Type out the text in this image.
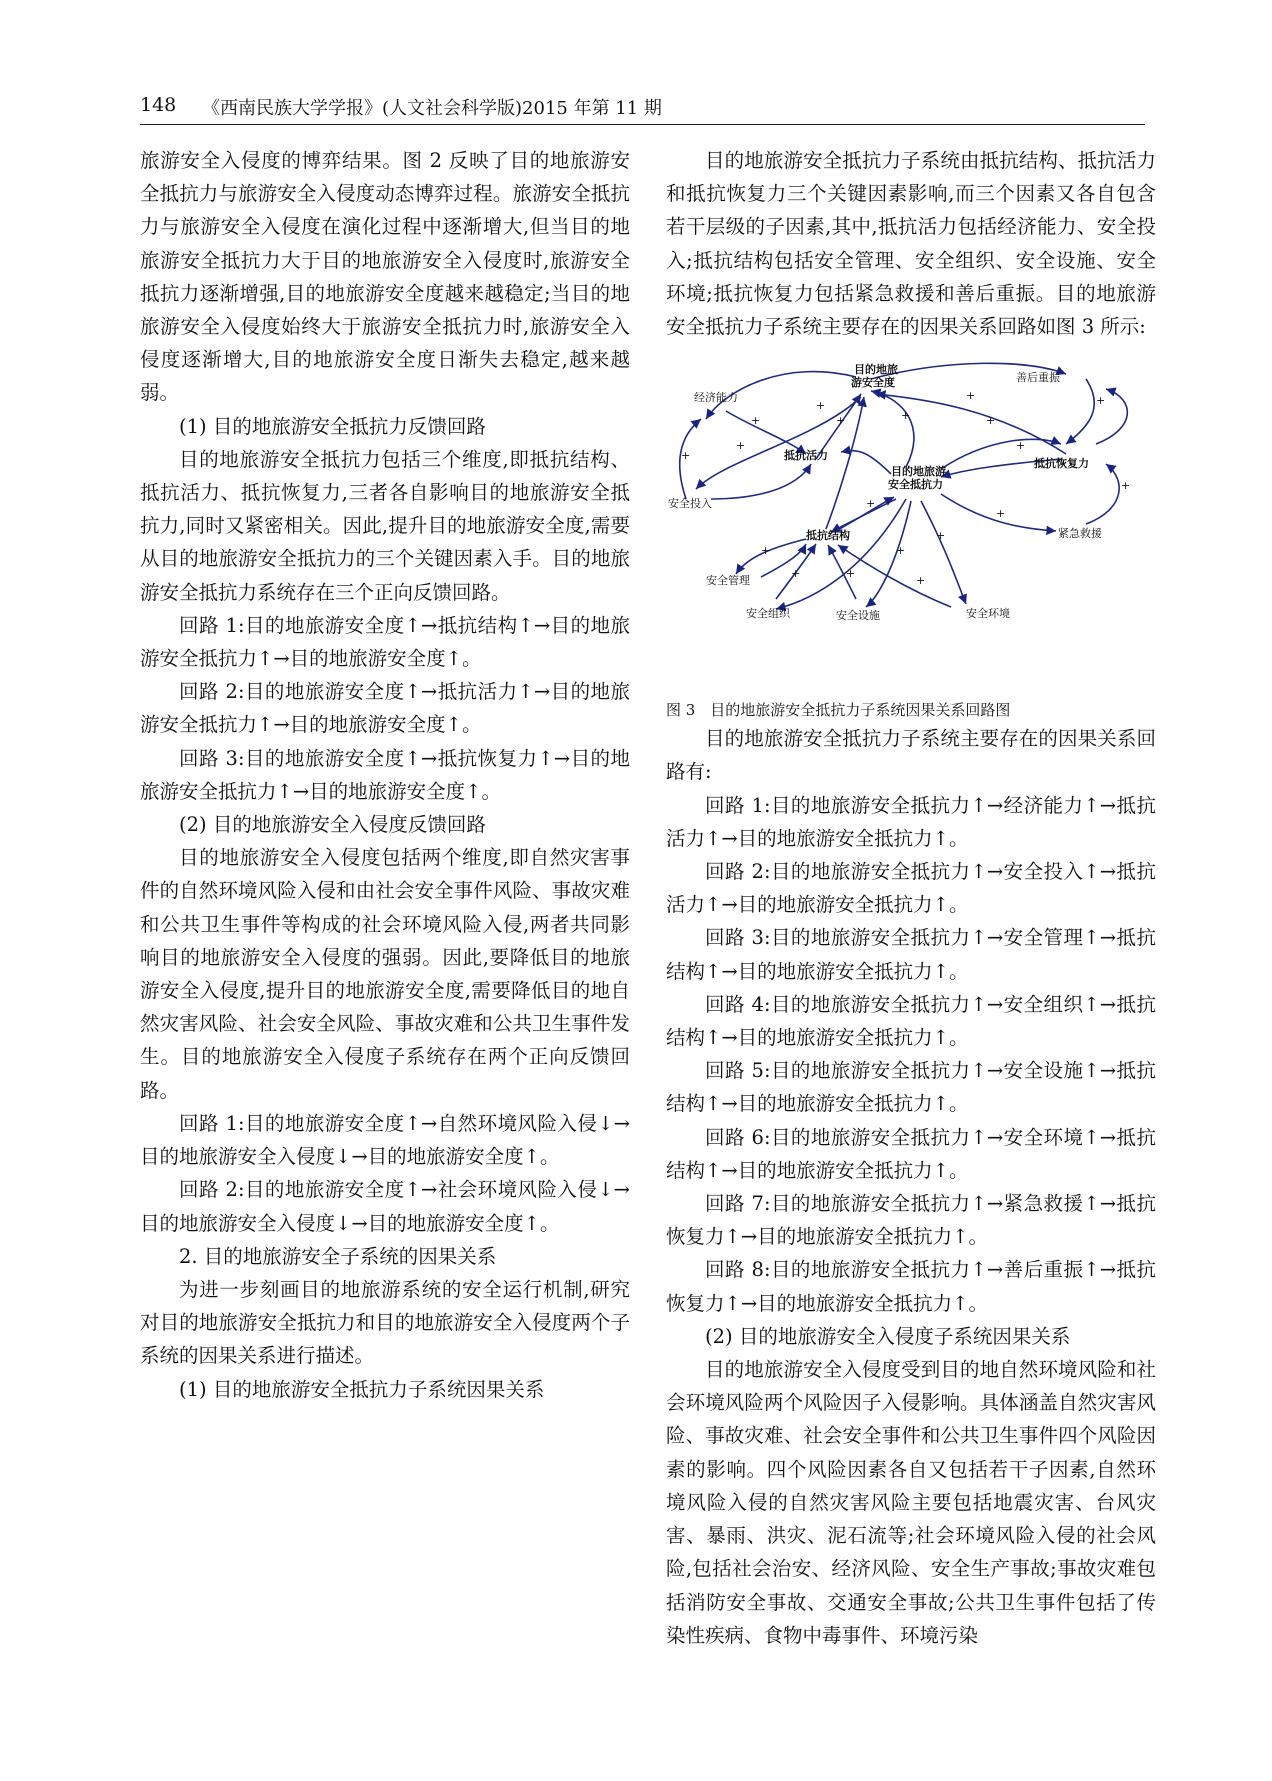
148 《西南民族大学学报》(人文社会科学版)2015 年第 11 期

旅游安全入侵度的博弈结果。图 2 反映了目的地旅游安全抵抗力与旅游安全入侵度动态博弈过程。旅游安全抵抗力与旅游安全入侵度在演化过程中逐渐增大,但当目的地旅游安全抵抗力大于目的地旅游安全入侵度时,旅游安全抵抗力逐渐增强,目的地旅游安全度越来越稳定;当目的地旅游安全入侵度始终大于旅游安全抵抗力时,旅游安全入侵度逐渐增大,目的地旅游安全度日渐失去稳定,越来越弱。

(1) 目的地旅游安全抵抗力反馈回路

目的地旅游安全抵抗力包括三个维度,即抵抗结构、抵抗活力、抵抗恢复力,三者各自影响目的地旅游安全抵抗力,同时又紧密相关。因此,提升目的地旅游安全度,需要从目的地旅游安全抵抗力的三个关键因素入手。目的地旅游安全抵抗力系统存在三个正向反馈回路。

回路 1:目的地旅游安全度↑→抵抗结构↑→目的地旅游安全抵抗力↑→目的地旅游安全度↑。

回路 2:目的地旅游安全度↑→抵抗活力↑→目的地旅游安全抵抗力↑→目的地旅游安全度↑。

回路 3:目的地旅游安全度↑→抵抗恢复力↑→目的地旅游安全抵抗力↑→目的地旅游安全度↑。

(2) 目的地旅游安全入侵度反馈回路

目的地旅游安全入侵度包括两个维度,即自然灾害事件的自然环境风险入侵和由社会安全事件风险、事故灾难和公共卫生事件等构成的社会环境风险入侵,两者共同影响目的地旅游安全入侵度的强弱。因此,要降低目的地旅游安全入侵度,提升目的地旅游安全度,需要降低目的地自然灾害风险、社会安全风险、事故灾难和公共卫生事件发生。目的地旅游安全入侵度子系统存在两个正向反馈回路。

回路 1:目的地旅游安全度↑→自然环境风险入侵↓→目的地旅游安全入侵度↓→目的地旅游安全度↑。

回路 2:目的地旅游安全度↑→社会环境风险入侵↓→目的地旅游安全入侵度↓→目的地旅游安全度↑。

2. 目的地旅游安全子系统的因果关系

为进一步刻画目的地旅游系统的安全运行机制,研究对目的地旅游安全抵抗力和目的地旅游安全入侵度两个子系统的因果关系进行描述。

(1) 目的地旅游安全抵抗力子系统因果关系

目的地旅游安全抵抗力子系统由抵抗结构、抵抗活力和抵抗恢复力三个关键因素影响,而三个因素又各自包含若干层级的子因素,其中,抵抗活力包括经济能力、安全投入;抵抗结构包括安全管理、安全组织、安全设施、安全环境;抵抗恢复力包括紧急救援和善后重振。目的地旅游安全抵抗力子系统主要存在的因果关系回路如图 3 所示:

目的地旅
游安全度
经济能力
抵抗活力
安全投入
目的地旅游
安全抵抗力
善后重振
抵抗恢复力
紧急救援
抵抗结构
安全管理
安全组织	安全设施	安全环境
+
+
+
+
+
+
+
+
+
+
+
+
+
+
+	+
+
+
+

图 3　目的地旅游安全抵抗力子系统因果关系回路图

目的地旅游安全抵抗力子系统主要存在的因果关系回路有:

回路 1:目的地旅游安全抵抗力↑→经济能力↑→抵抗活力↑→目的地旅游安全抵抗力↑。

回路 2:目的地旅游安全抵抗力↑→安全投入↑→抵抗活力↑→目的地旅游安全抵抗力↑。

回路 3:目的地旅游安全抵抗力↑→安全管理↑→抵抗结构↑→目的地旅游安全抵抗力↑。

回路 4:目的地旅游安全抵抗力↑→安全组织↑→抵抗结构↑→目的地旅游安全抵抗力↑。

回路 5:目的地旅游安全抵抗力↑→安全设施↑→抵抗结构↑→目的地旅游安全抵抗力↑。

回路 6:目的地旅游安全抵抗力↑→安全环境↑→抵抗结构↑→目的地旅游安全抵抗力↑。

回路 7:目的地旅游安全抵抗力↑→紧急救援↑→抵抗恢复力↑→目的地旅游安全抵抗力↑。

回路 8:目的地旅游安全抵抗力↑→善后重振↑→抵抗恢复力↑→目的地旅游安全抵抗力↑。

(2) 目的地旅游安全入侵度子系统因果关系

目的地旅游安全入侵度受到目的地自然环境风险和社会环境风险两个风险因子入侵影响。具体涵盖自然灾害风险、事故灾难、社会安全事件和公共卫生事件四个风险因素的影响。四个风险因素各自又包括若干子因素,自然环境风险入侵的自然灾害风险主要包括地震灾害、台风灾害、暴雨、洪灾、泥石流等;社会环境风险入侵的社会风险,包括社会治安、经济风险、安全生产事故;事故灾难包括消防安全事故、交通安全事故;公共卫生事件包括了传染性疾病、食物中毒事件、环境污染
